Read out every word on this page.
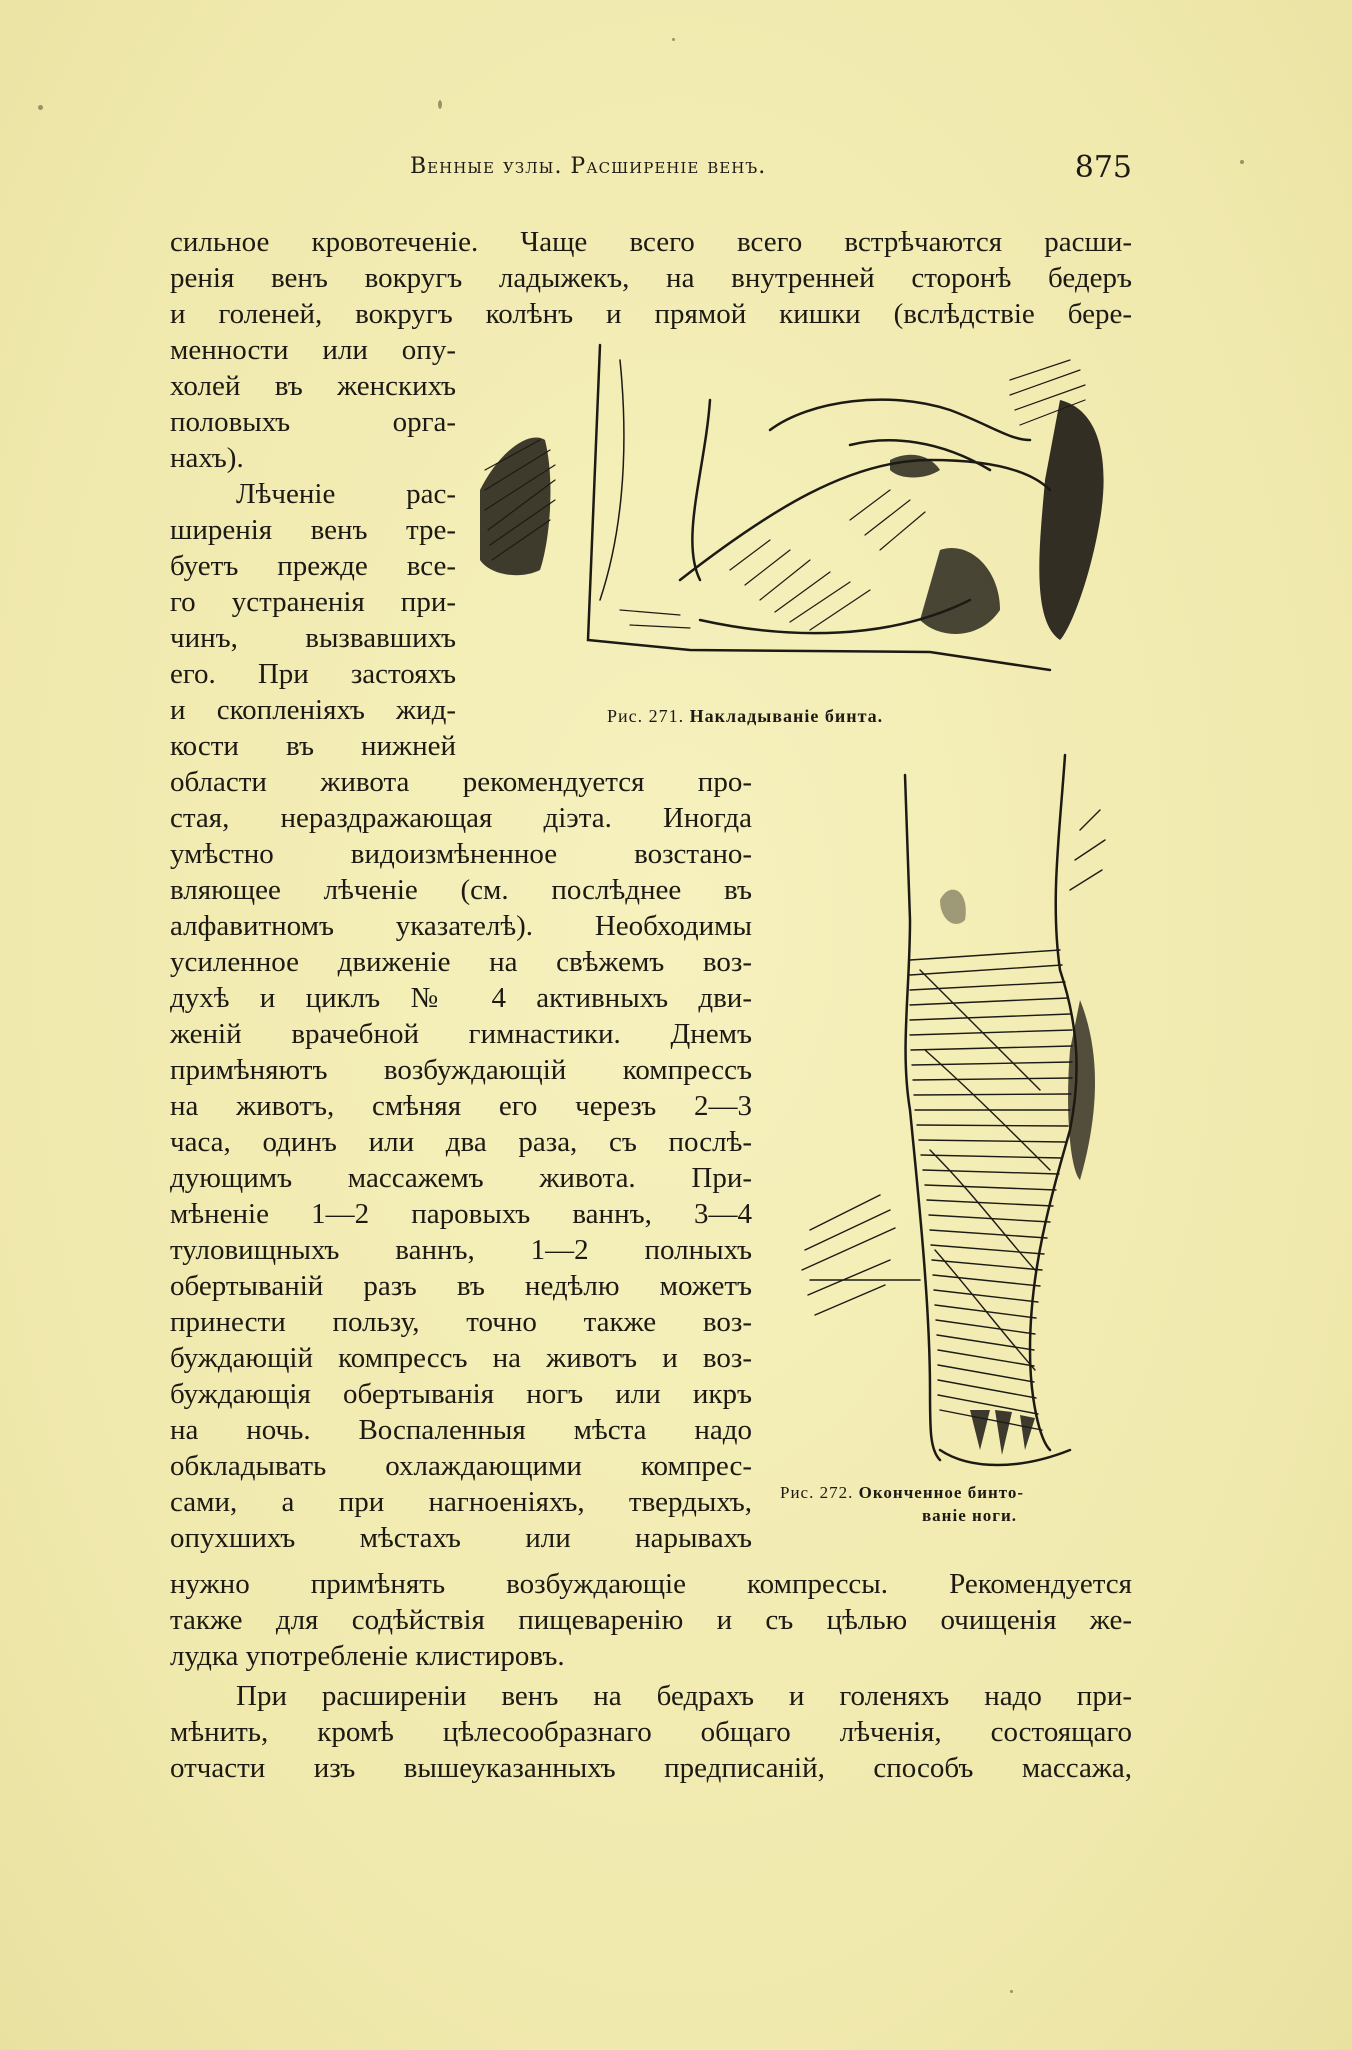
Венные узлы. Расширеніе венъ.	875
сильное кровотеченіе. Чаще всего всего встрѣчаются расши-
ренія венъ вокругъ ладыжекъ, на внутренней сторонѣ бедеръ
и голеней, вокругъ колѣнъ и прямой кишки (вслѣдствіе бере-
менности или опу-
холей въ женскихъ
половыхъ орга-
нахъ).
Лѣченіе рас-
ширенія венъ тре-
буетъ прежде все-
го устраненія при-
чинъ, вызвавшихъ
его. При застояхъ
и скопленіяхъ жид-
кости въ нижней
области живота рекомендуется про-
стая, нераздражающая діэта. Иногда
умѣстно видоизмѣненное возстано-
вляющее лѣченіе (см. послѣднее въ
алфавитномъ указателѣ). Необходимы
усиленное движеніе на свѣжемъ воз-
духѣ и циклъ № 4 активныхъ дви-
женій врачебной гимнастики. Днемъ
примѣняютъ возбуждающій компрессъ
на животъ, смѣняя его черезъ 2—3
часа, одинъ или два раза, съ послѣ-
дующимъ массажемъ живота. При-
мѣненіе 1—2 паровыхъ ваннъ, 3—4
туловищныхъ ваннъ, 1—2 полныхъ
обертываній разъ въ недѣлю можетъ
принести пользу, точно также воз-
буждающій компрессъ на животъ и воз-
буждающія обертыванія ногъ или икръ
на ночь. Воспаленныя мѣста надо
обкладывать охлаждающими компрес-
сами, а при нагноеніяхъ, твердыхъ,
опухшихъ мѣстахъ или нарывахъ
нужно примѣнять возбуждающіе компрессы. Рекомендуется
также для содѣйствія пищеваренію и съ цѣлью очищенія же-
лудка употребленіе клистировъ.
При расширеніи венъ на бедрахъ и голеняхъ надо при-
мѣнить, кромѣ цѣлесообразнаго общаго лѣченія, состоящаго
отчасти изъ вышеуказанныхъ предписаній, способъ массажа,
Рис. 271. Накладываніе бинта.
Рис. 272. Оконченное бинто-
ваніе ноги.
